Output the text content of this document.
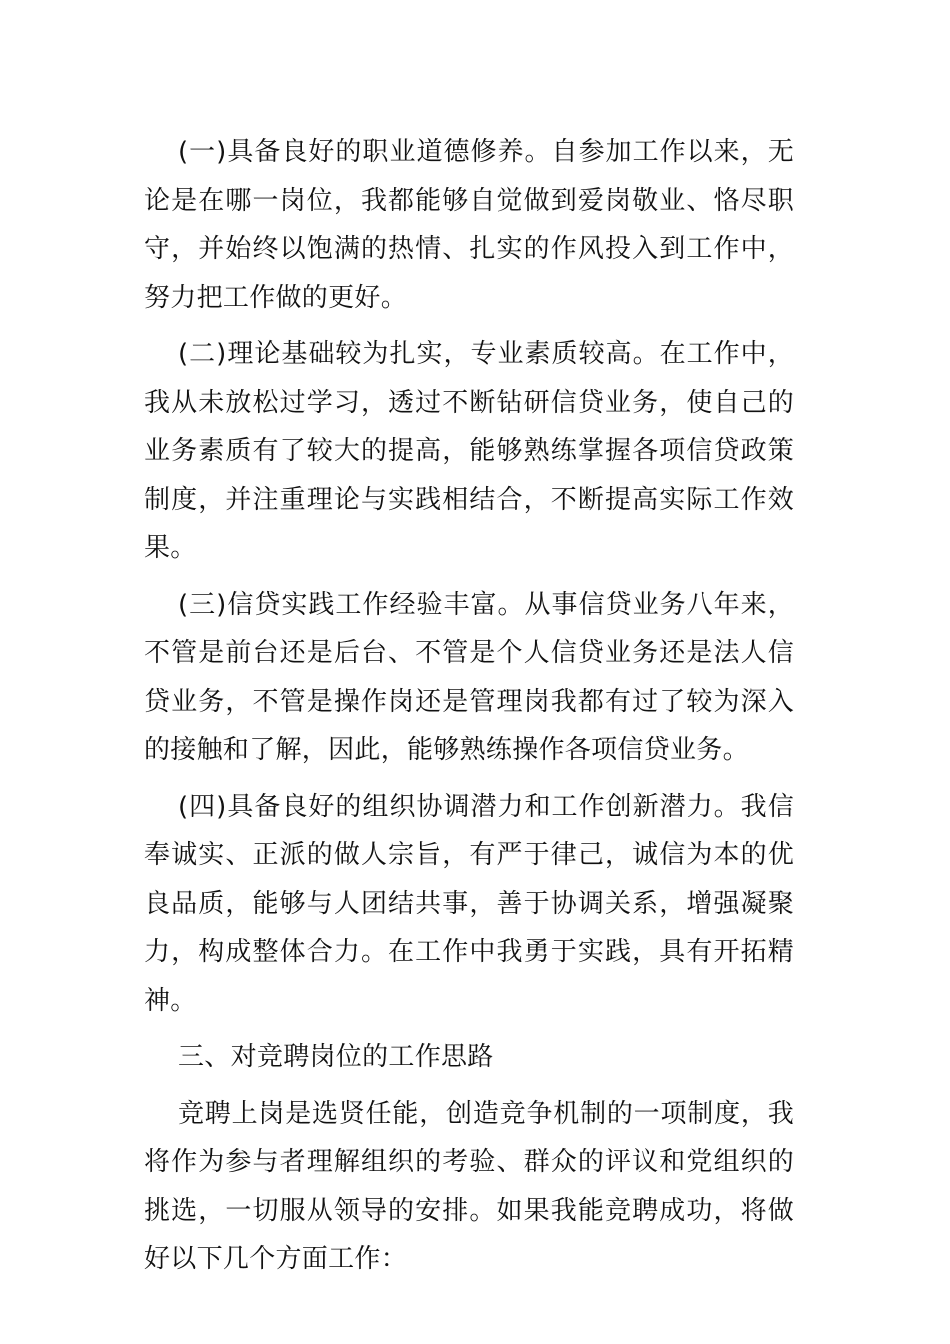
(一)具备良好的职业道德修养。自参加工作以来，无论是在哪一岗位，我都能够自觉做到爱岗敬业、恪尽职守，并始终以饱满的热情、扎实的作风投入到工作中，努力把工作做的更好。

(二)理论基础较为扎实，专业素质较高。在工作中，我从未放松过学习，透过不断钻研信贷业务，使自己的业务素质有了较大的提高，能够熟练掌握各项信贷政策制度，并注重理论与实践相结合，不断提高实际工作效果。

(三)信贷实践工作经验丰富。从事信贷业务八年来，不管是前台还是后台、不管是个人信贷业务还是法人信贷业务，不管是操作岗还是管理岗我都有过了较为深入的接触和了解，因此，能够熟练操作各项信贷业务。

(四)具备良好的组织协调潜力和工作创新潜力。我信奉诚实、正派的做人宗旨，有严于律己，诚信为本的优良品质，能够与人团结共事，善于协调关系，增强凝聚力，构成整体合力。在工作中我勇于实践，具有开拓精神。

三、对竞聘岗位的工作思路

竞聘上岗是选贤任能，创造竞争机制的一项制度，我将作为参与者理解组织的考验、群众的评议和党组织的挑选，一切服从领导的安排。如果我能竞聘成功，将做好以下几个方面工作：
